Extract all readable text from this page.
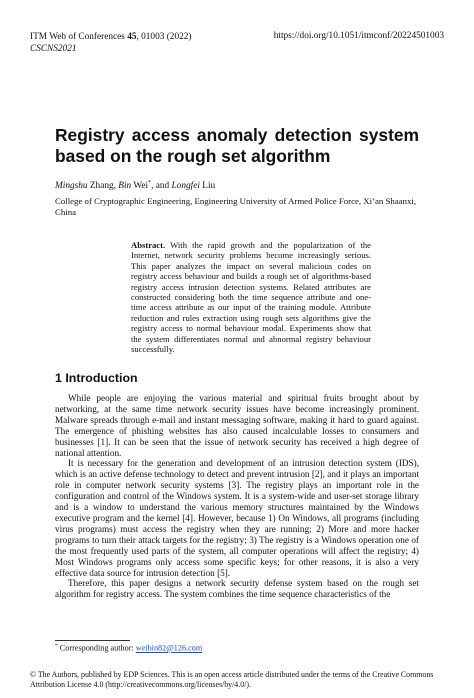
ITM Web of Conferences 45, 01003 (2022)
CSCNS2021
https://doi.org/10.1051/itmconf/20224501003
Registry access anomaly detection system based on the rough set algorithm
Mingshu Zhang, Bin Wei*, and Longfei Liu
College of Cryptographic Engineering, Engineering University of Armed Police Force, Xi’an Shaanxi, China

Abstract. With the rapid growth and the popularization of the Internet, network security problems become increasingly serious. This paper analyzes the impact on several malicious codes on registry access behaviour and builds a rough set of algorithms-based registry access intrusion detection systems. Related attributes are constructed considering both the time sequence attribute and one-time access attribute as our input of the training module. Attribute reduction and rules extraction using rough sets algorithms give the registry access to normal behaviour modal. Experiments show that the system differentiates normal and abnormal registry behaviour successfully.

1 Introduction

While people are enjoying the various material and spiritual fruits brought about by networking, at the same time network security issues have become increasingly prominent. Malware spreads through e-mail and instant messaging software, making it hard to guard against. The emergence of phishing websites has also caused incalculable losses to consumers and businesses [1]. It can be seen that the issue of network security has received a high degree of national attention.

It is necessary for the generation and development of an intrusion detection system (IDS), which is an active defense technology to detect and prevent intrusion [2], and it plays an important role in computer network security systems [3]. The registry plays an important role in the configuration and control of the Windows system. It is a system-wide and user-set storage library and is a window to understand the various memory structures maintained by the Windows executive program and the kernel [4]. However, because 1) On Windows, all programs (including virus programs) must access the registry when they are running; 2) More and more hacker programs to turn their attack targets for the registry; 3) The registry is a Windows operation one of the most frequently used parts of the system, all computer operations will affect the registry; 4) Most Windows programs only access some specific keys; for other reasons, it is also a very effective data source for intrusion detection [5].

Therefore, this paper designs a network security defense system based on the rough set algorithm for registry access. The system combines the time sequence characteristics of the

* Corresponding author: weibin82@126.com
© The Authors, published by EDP Sciences. This is an open access article distributed under the terms of the Creative Commons Attribution License 4.0 (http://creativecommons.org/licenses/by/4.0/).
